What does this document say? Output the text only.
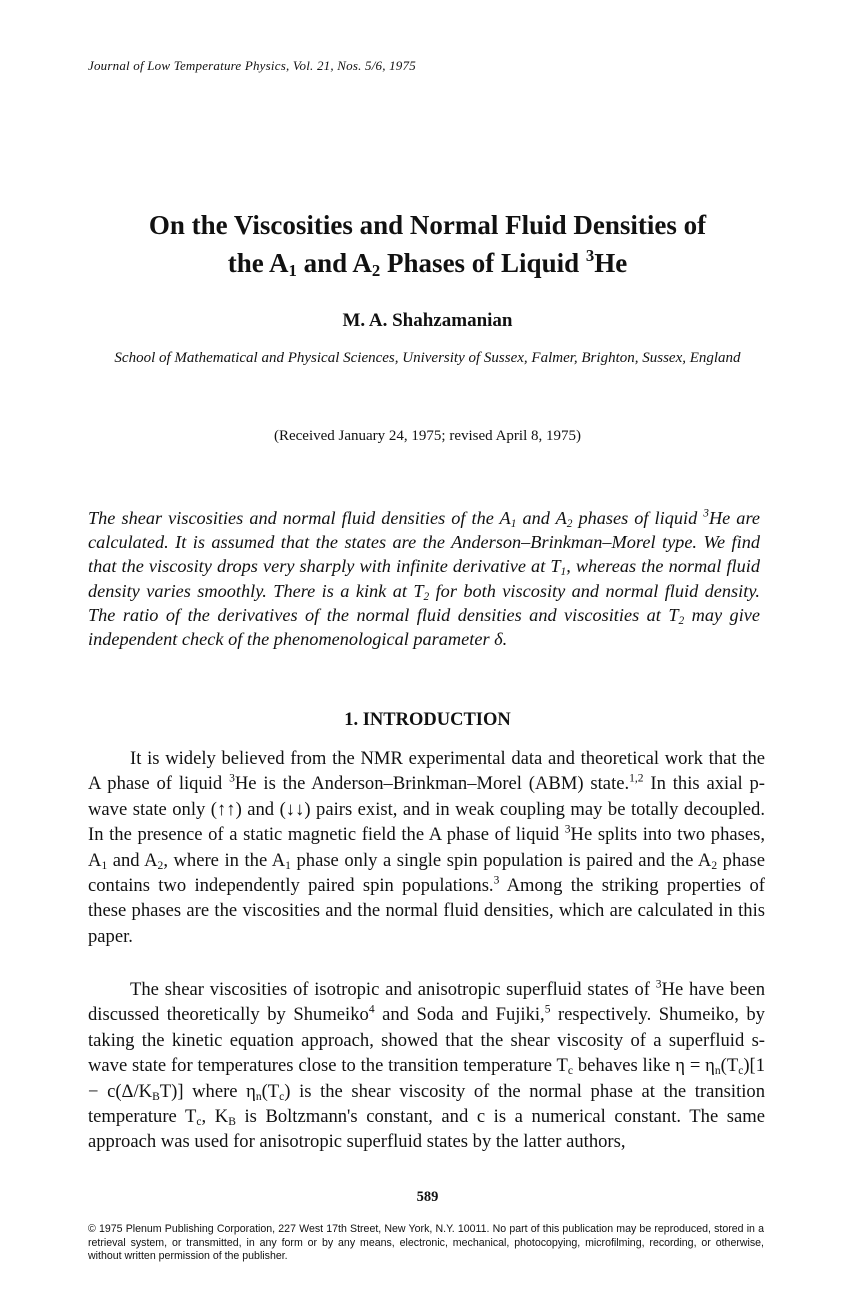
Journal of Low Temperature Physics, Vol. 21, Nos. 5/6, 1975
On the Viscosities and Normal Fluid Densities of
the $A_1$ and $A_2$ Phases of Liquid $^3$He
M. A. Shahzamanian
School of Mathematical and Physical Sciences, University of Sussex, Falmer, Brighton, Sussex, England
(Received January 24, 1975; revised April 8, 1975)
The shear viscosities and normal fluid densities of the $A_1$ and $A_2$ phases of liquid $^3$He are calculated. It is assumed that the states are the Anderson–Brinkman–Morel type. We find that the viscosity drops very sharply with infinite derivative at $T_1$, whereas the normal fluid density varies smoothly. There is a kink at $T_2$ for both viscosity and normal fluid density. The ratio of the derivatives of the normal fluid densities and viscosities at $T_2$ may give independent check of the phenomenological parameter δ.
1. INTRODUCTION

It is widely believed from the NMR experimental data and theoretical work that the A phase of liquid $^3$He is the Anderson–Brinkman–Morel (ABM) state.$^{1,2}$ In this axial p-wave state only (↑↑) and (↓↓) pairs exist, and in weak coupling may be totally decoupled. In the presence of a static magnetic field the A phase of liquid $^3$He splits into two phases, $A_1$ and $A_2$, where in the $A_1$ phase only a single spin population is paired and the $A_2$ phase contains two independently paired spin populations.$^3$ Among the striking properties of these phases are the viscosities and the normal fluid densities, which are calculated in this paper.

The shear viscosities of isotropic and anisotropic superfluid states of $^3$He have been discussed theoretically by Shumeiko$^4$ and Soda and Fujiki,$^5$ respectively. Shumeiko, by taking the kinetic equation approach, showed that the shear viscosity of a superfluid s-wave state for temperatures close to the transition temperature $T_c$ behaves like $\eta = \eta_n(T_c)[1 - c(\Delta/K_BT)]$ where $\eta_n(T_c)$ is the shear viscosity of the normal phase at the transition temperature $T_c$, $K_B$ is Boltzmann's constant, and c is a numerical constant. The same approach was used for anisotropic superfluid states by the latter authors,

589
© 1975 Plenum Publishing Corporation, 227 West 17th Street, New York, N.Y. 10011. No part of this publication may be reproduced, stored in a retrieval system, or transmitted, in any form or by any means, electronic, mechanical, photocopying, microfilming, recording, or otherwise, without written permission of the publisher.
